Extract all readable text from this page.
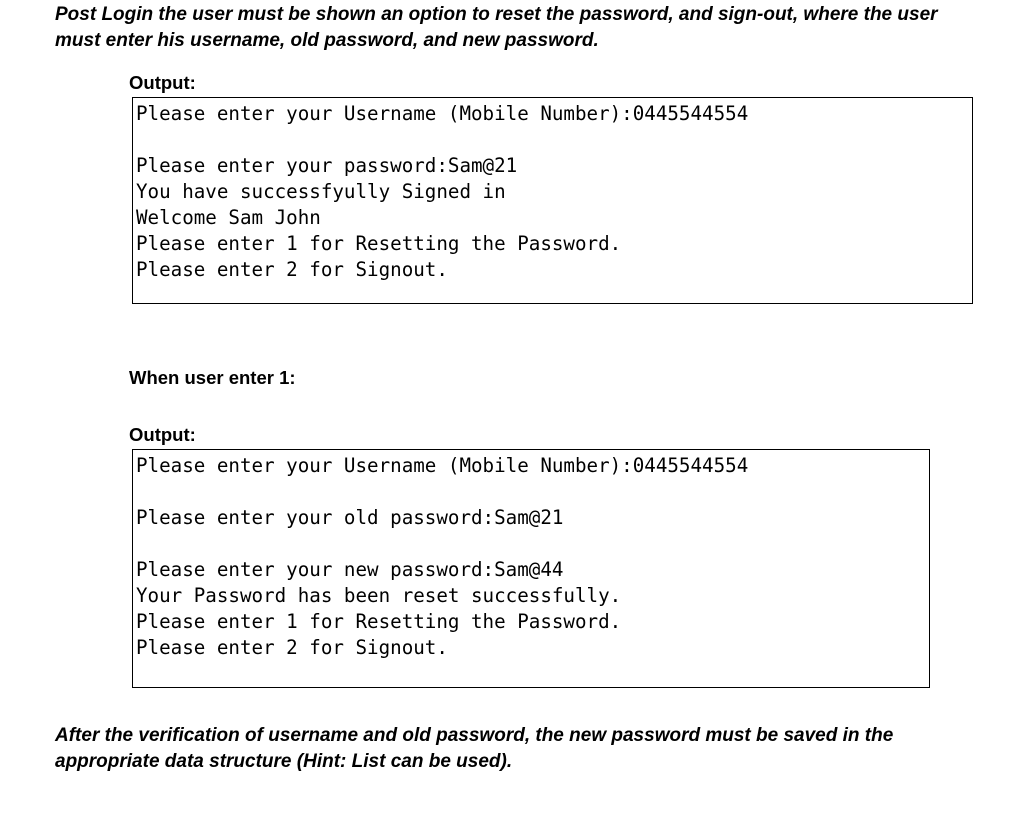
Post Login the user must be shown an option to reset the password, and sign-out, where the user
must enter his username, old password, and new password.
Output:
Please enter your Username (Mobile Number):0445544554
Please enter your password:Sam@21
You have successfyully Signed in
Welcome Sam John
Please enter 1 for Resetting the Password.
Please enter 2 for Signout.
When user enter 1:
Output:
Please enter your Username (Mobile Number):0445544554
Please enter your old password:Sam@21
Please enter your new password:Sam@44
Your Password has been reset successfully.
Please enter 1 for Resetting the Password.
Please enter 2 for Signout.
After the verification of username and old password, the new password must be saved in the
appropriate data structure (Hint: List can be used).
